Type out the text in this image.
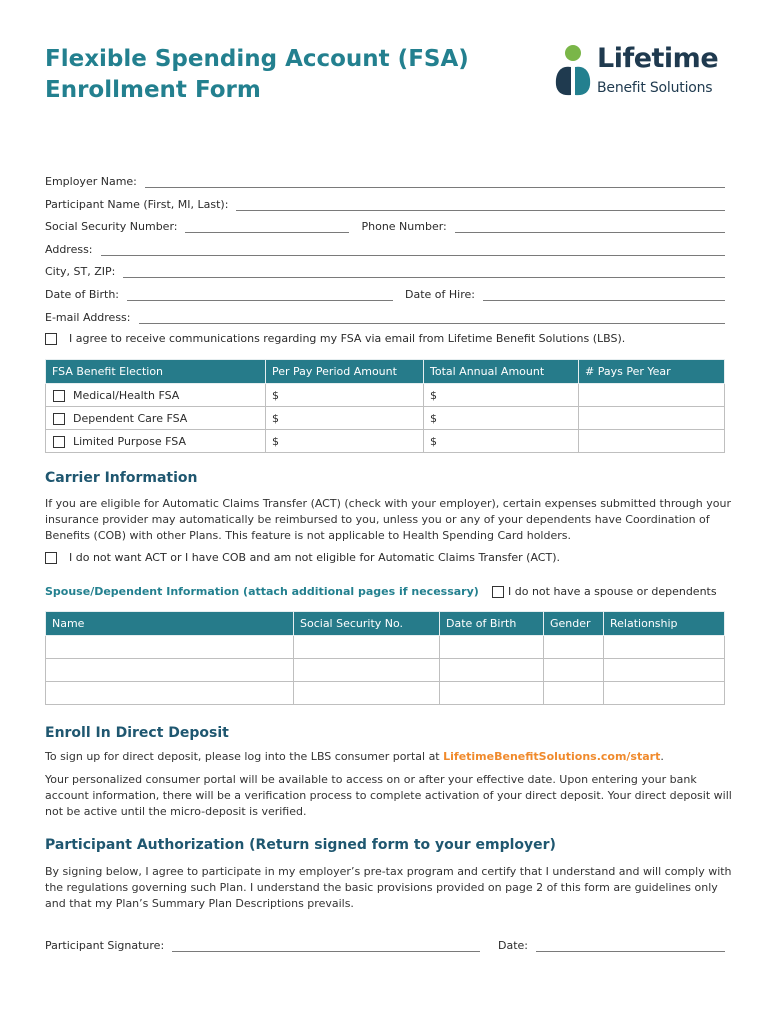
Flexible Spending Account (FSA)
Enrollment Form
Lifetime
Benefit Solutions
Employer Name:
Participant Name (First, MI, Last):
Social Security Number:	Phone Number:
Address:
City, ST, ZIP:
Date of Birth:	Date of Hire:
E-mail Address:
I agree to receive communications regarding my FSA via email from Lifetime Benefit Solutions (LBS).
FSA Benefit Election	Per Pay Period Amount	Total Annual Amount	# Pays Per Year
Medical/Health FSA	$	$	
Dependent Care FSA	$	$	
Limited Purpose FSA	$	$	
Carrier Information
If you are eligible for Automatic Claims Transfer (ACT) (check with your employer), certain expenses submitted through your insurance provider may automatically be reimbursed to you, unless you or any of your dependents have Coordination of Benefits (COB) with other Plans. This feature is not applicable to Health Spending Card holders.
I do not want ACT or I have COB and am not eligible for Automatic Claims Transfer (ACT).
Spouse/Dependent Information (attach additional pages if necessary)	I do not have a spouse or dependents
Name	Social Security No.	Date of Birth	Gender	Relationship

Enroll In Direct Deposit
To sign up for direct deposit, please log into the LBS consumer portal at LifetimeBenefitSolutions.com/start.
Your personalized consumer portal will be available to access on or after your effective date. Upon entering your bank account information, there will be a verification process to complete activation of your direct deposit. Your direct deposit will not be active until the micro-deposit is verified.
Participant Authorization (Return signed form to your employer)
By signing below, I agree to participate in my employer’s pre-tax program and certify that I understand and will comply with the regulations governing such Plan. I understand the basic provisions provided on page 2 of this form are guidelines only and that my Plan’s Summary Plan Descriptions prevails.
Participant Signature:	Date:
